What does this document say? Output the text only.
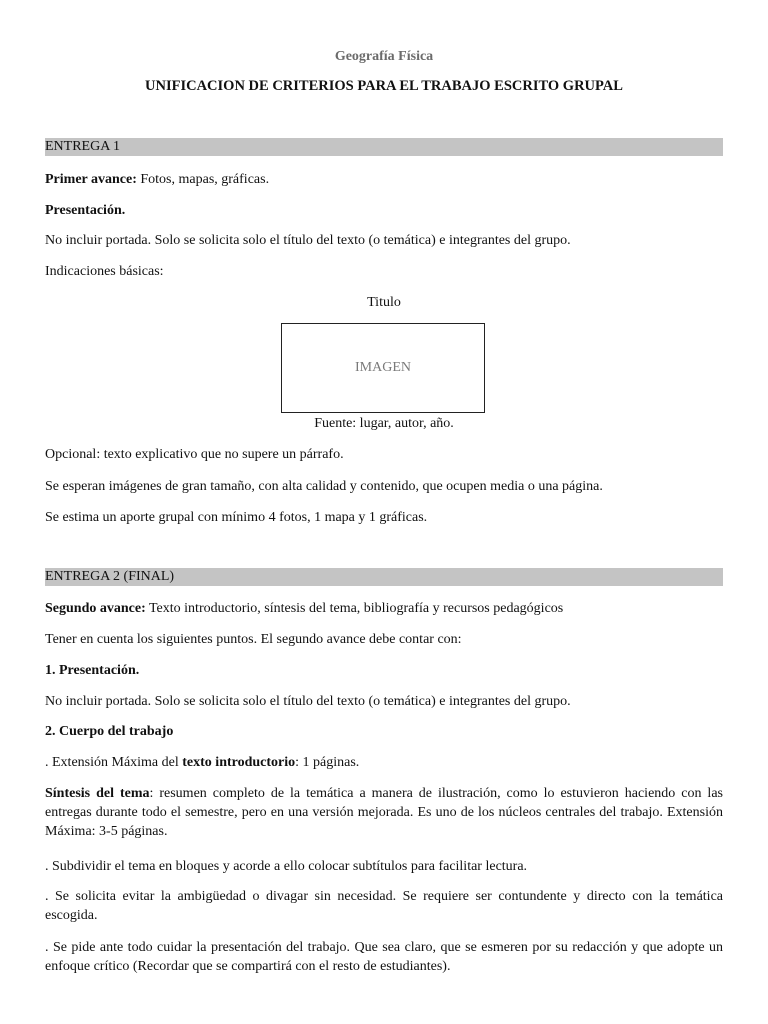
Geografía Física
UNIFICACION DE CRITERIOS PARA EL TRABAJO ESCRITO GRUPAL
ENTREGA 1
Primer avance: Fotos, mapas, gráficas.
Presentación.
No incluir portada. Solo se solicita solo el título del texto (o temática) e integrantes del grupo.
Indicaciones básicas:
Titulo
IMAGEN
Fuente: lugar, autor, año.
Opcional: texto explicativo que no supere un párrafo.
Se esperan imágenes de gran tamaño, con alta calidad y contenido, que ocupen media o una página.
Se estima un aporte grupal con mínimo 4 fotos, 1 mapa y 1 gráficas.
ENTREGA 2 (FINAL)
Segundo avance: Texto introductorio, síntesis del tema, bibliografía y recursos pedagógicos
Tener en cuenta los siguientes puntos. El segundo avance debe contar con:
1. Presentación.
No incluir portada. Solo se solicita solo el título del texto (o temática) e integrantes del grupo.
2. Cuerpo del trabajo
. Extensión Máxima del texto introductorio: 1 páginas.
Síntesis del tema: resumen completo de la temática a manera de ilustración, como lo estuvieron haciendo con las entregas durante todo el semestre, pero en una versión mejorada. Es uno de los núcleos centrales del trabajo. Extensión Máxima: 3-5 páginas.
. Subdividir el tema en bloques y acorde a ello colocar subtítulos para facilitar lectura.
. Se solicita evitar la ambigüedad o divagar sin necesidad. Se requiere ser contundente y directo con la temática escogida.
. Se pide ante todo cuidar la presentación del trabajo. Que sea claro, que se esmeren por su redacción y que adopte un enfoque crítico (Recordar que se compartirá con el resto de estudiantes).
